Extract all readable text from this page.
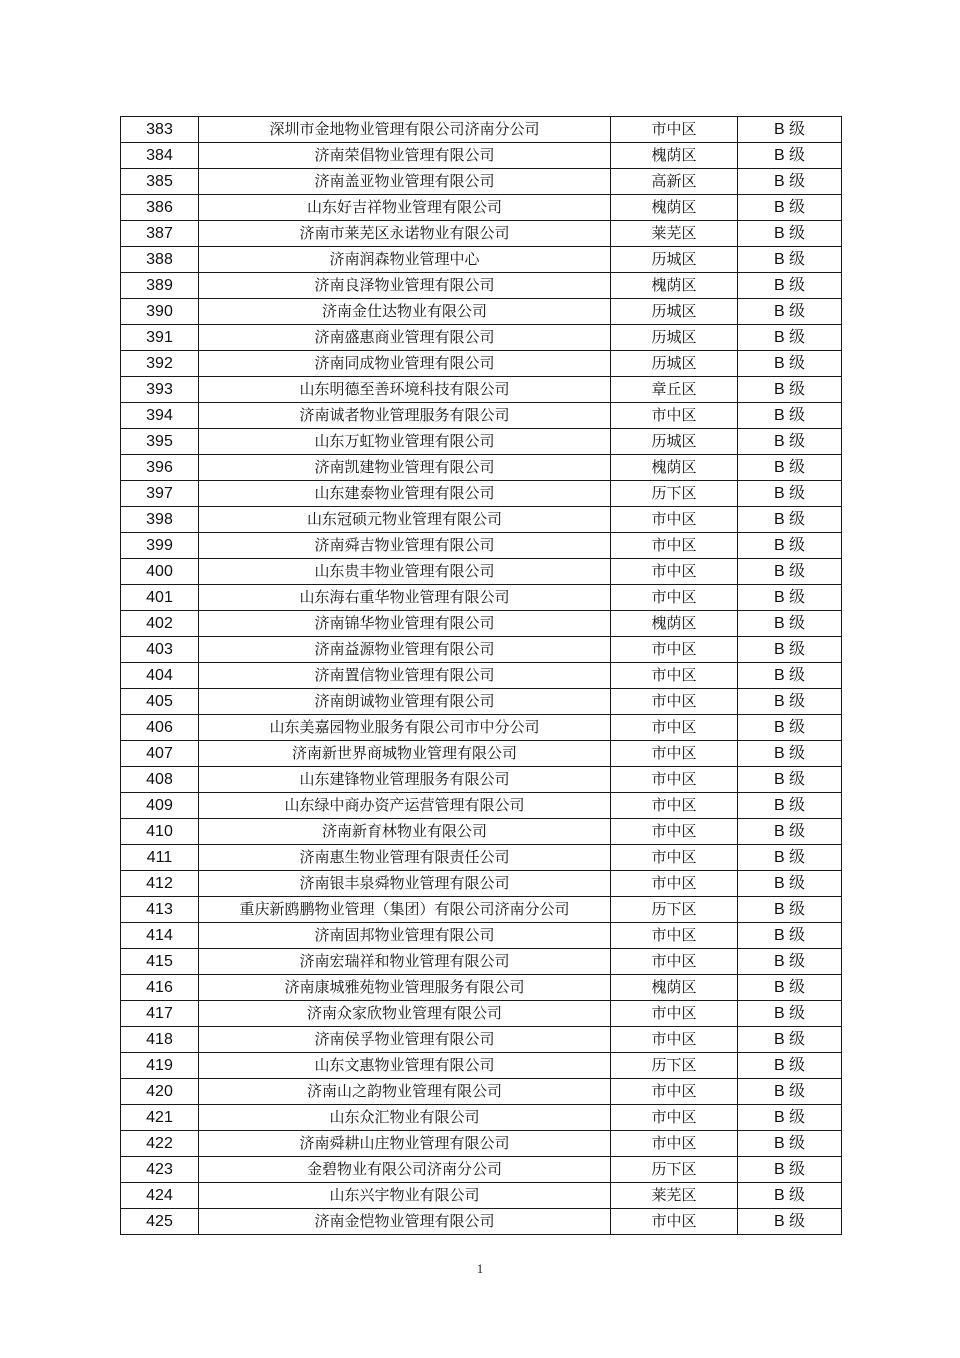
383	深圳市金地物业管理有限公司济南分公司	市中区	B 级
384	济南荣倡物业管理有限公司	槐荫区	B 级
385	济南盖亚物业管理有限公司	高新区	B 级
386	山东好吉祥物业管理有限公司	槐荫区	B 级
387	济南市莱芜区永诺物业有限公司	莱芜区	B 级
388	济南润森物业管理中心	历城区	B 级
389	济南良泽物业管理有限公司	槐荫区	B 级
390	济南金仕达物业有限公司	历城区	B 级
391	济南盛惠商业管理有限公司	历城区	B 级
392	济南同成物业管理有限公司	历城区	B 级
393	山东明德至善环境科技有限公司	章丘区	B 级
394	济南诚者物业管理服务有限公司	市中区	B 级
395	山东万虹物业管理有限公司	历城区	B 级
396	济南凯建物业管理有限公司	槐荫区	B 级
397	山东建泰物业管理有限公司	历下区	B 级
398	山东冠硕元物业管理有限公司	市中区	B 级
399	济南舜吉物业管理有限公司	市中区	B 级
400	山东贵丰物业管理有限公司	市中区	B 级
401	山东海右重华物业管理有限公司	市中区	B 级
402	济南锦华物业管理有限公司	槐荫区	B 级
403	济南益源物业管理有限公司	市中区	B 级
404	济南置信物业管理有限公司	市中区	B 级
405	济南朗诚物业管理有限公司	市中区	B 级
406	山东美嘉园物业服务有限公司市中分公司	市中区	B 级
407	济南新世界商城物业管理有限公司	市中区	B 级
408	山东建锋物业管理服务有限公司	市中区	B 级
409	山东绿中商办资产运营管理有限公司	市中区	B 级
410	济南新育林物业有限公司	市中区	B 级
411	济南惠生物业管理有限责任公司	市中区	B 级
412	济南银丰泉舜物业管理有限公司	市中区	B 级
413	重庆新鸥鹏物业管理（集团）有限公司济南分公司	历下区	B 级
414	济南固邦物业管理有限公司	市中区	B 级
415	济南宏瑞祥和物业管理有限公司	市中区	B 级
416	济南康城雅苑物业管理服务有限公司	槐荫区	B 级
417	济南众家欣物业管理有限公司	市中区	B 级
418	济南侯孚物业管理有限公司	市中区	B 级
419	山东文惠物业管理有限公司	历下区	B 级
420	济南山之韵物业管理有限公司	市中区	B 级
421	山东众汇物业有限公司	市中区	B 级
422	济南舜耕山庄物业管理有限公司	市中区	B 级
423	金碧物业有限公司济南分公司	历下区	B 级
424	山东兴宇物业有限公司	莱芜区	B 级
425	济南金恺物业管理有限公司	市中区	B 级
1
